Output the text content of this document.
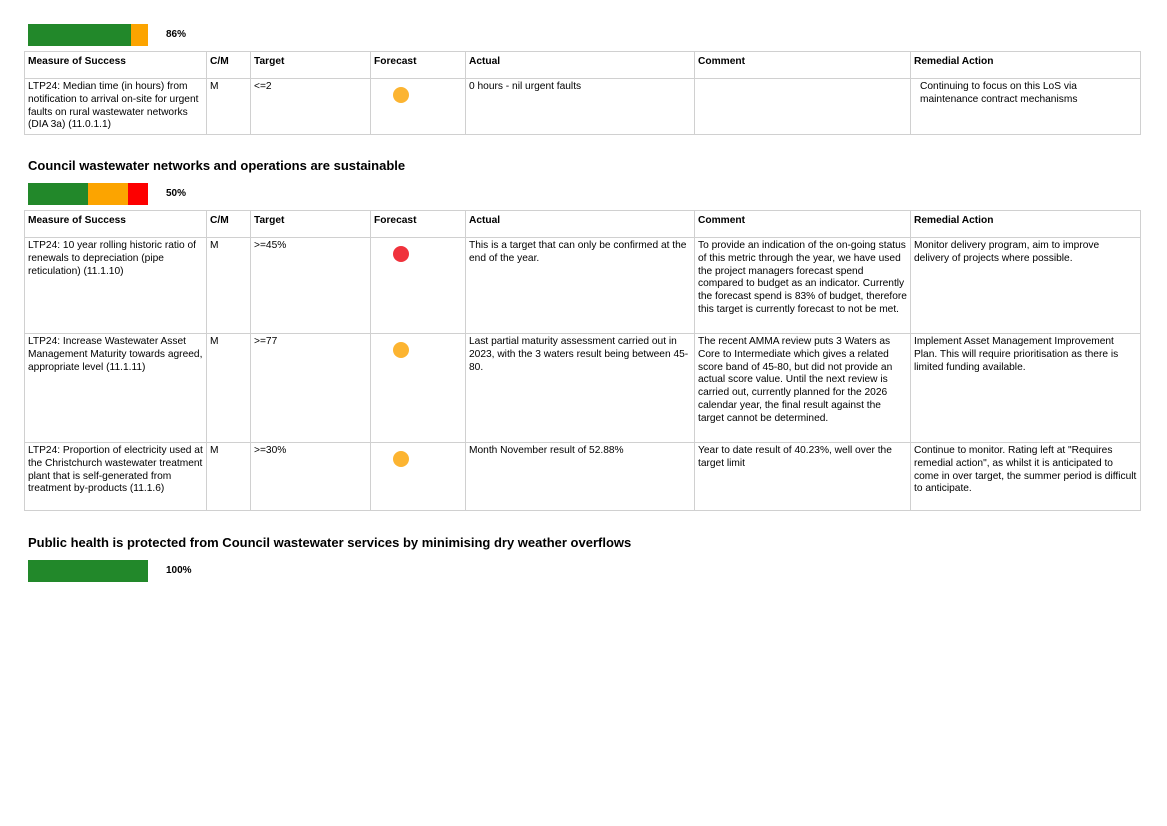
86%
Measure of Success	C/M	Target	Forecast	Actual	Comment	Remedial Action
LTP24: Median time (in hours) from notification to arrival on-site for urgent faults on rural wastewater networks (DIA 3a) (11.0.1.1)	M	<=2		0 hours - nil urgent faults		Continuing to focus on this LoS via maintenance contract mechanisms
Council wastewater networks and operations are sustainable
50%
Measure of Success	C/M	Target	Forecast	Actual	Comment	Remedial Action
LTP24: 10 year rolling historic ratio of renewals to depreciation (pipe reticulation) (11.1.10)	M	>=45%		This is a target that can only be confirmed at the end of the year.	To provide an indication of the on-going status of this metric through the year, we have used the project managers forecast spend compared to budget as an indicator. Currently the forecast spend is 83% of budget, therefore this target is currently forecast to not be met.	Monitor delivery program, aim to improve delivery of projects where possible.
LTP24: Increase Wastewater Asset Management Maturity towards agreed, appropriate level (11.1.11)	M	>=77		Last partial maturity assessment carried out in 2023, with the 3 waters result being between 45-80.	The recent AMMA review puts 3 Waters as Core to Intermediate which gives a related score band of 45-80, but did not provide an actual score value. Until the next review is carried out, currently planned for the 2026 calendar year, the final result against the target cannot be determined.	Implement Asset Management Improvement Plan. This will require prioritisation as there is limited funding available.
LTP24: Proportion of electricity used at the Christchurch wastewater treatment plant that is self-generated from treatment by-products (11.1.6)	M	>=30%		Month November result of 52.88%	Year to date result of 40.23%, well over the target limit	Continue to monitor. Rating left at "Requires remedial action", as whilst it is anticipated to come in over target, the summer period is difficult to anticipate.
Public health is protected from Council wastewater services by minimising dry weather overflows
100%
